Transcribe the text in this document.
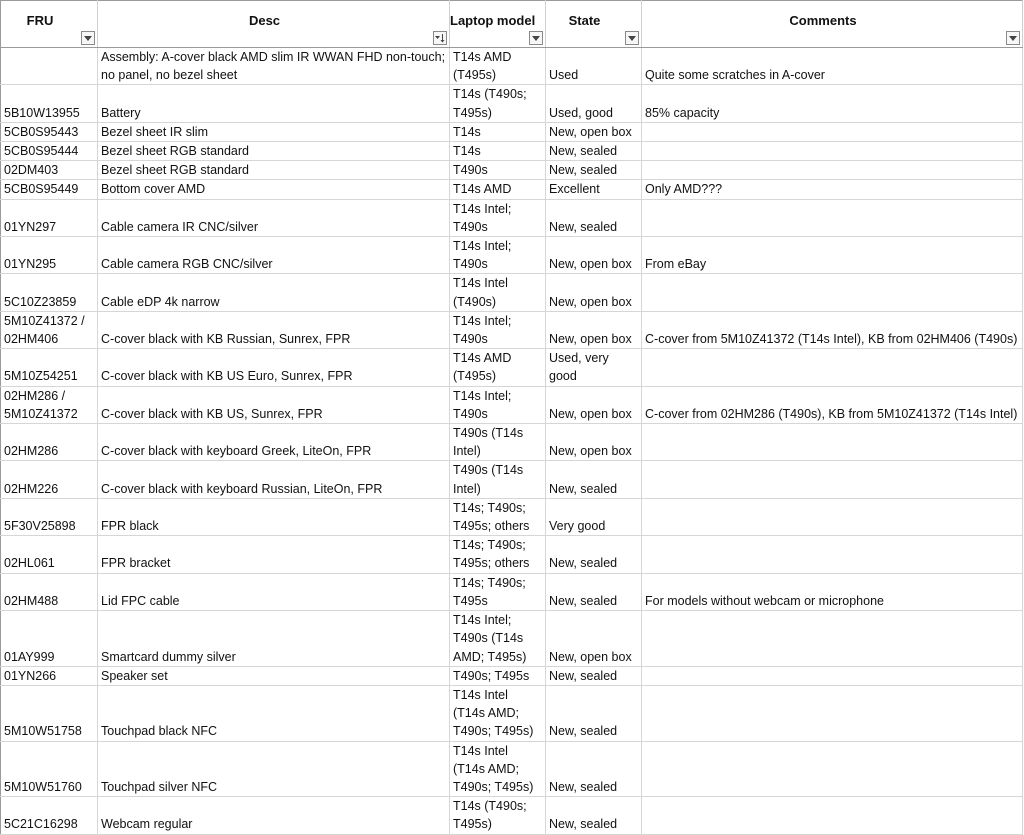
FRU	Desc	Laptop model	State	Comments

	Assembly: A-cover black AMD slim IR WWAN FHD non-touch; no panel, no bezel sheet	T14s AMD (T495s)	Used	Quite some scratches in A-cover
5B10W13955	Battery	T14s (T490s; T495s)	Used, good	85% capacity
5CB0S95443	Bezel sheet IR slim	T14s	New, open box	
5CB0S95444	Bezel sheet RGB standard	T14s	New, sealed	
02DM403	Bezel sheet RGB standard	T490s	New, sealed	
5CB0S95449	Bottom cover AMD	T14s AMD	Excellent	Only AMD???
01YN297	Cable camera IR CNC/silver	T14s Intel; T490s	New, sealed	
01YN295	Cable camera RGB CNC/silver	T14s Intel; T490s	New, open box	From eBay
5C10Z23859	Cable eDP 4k narrow	T14s Intel (T490s)	New, open box	
5M10Z41372 / 02HM406	C-cover black with KB Russian, Sunrex, FPR	T14s Intel; T490s	New, open box	C-cover from 5M10Z41372 (T14s Intel), KB from 02HM406 (T490s)
5M10Z54251	C-cover black with KB US Euro, Sunrex, FPR	T14s AMD (T495s)	Used, very good	
02HM286 / 5M10Z41372	C-cover black with KB US, Sunrex, FPR	T14s Intel; T490s	New, open box	C-cover from 02HM286 (T490s), KB from 5M10Z41372 (T14s Intel)
02HM286	C-cover black with keyboard Greek, LiteOn, FPR	T490s (T14s Intel)	New, open box	
02HM226	C-cover black with keyboard Russian, LiteOn, FPR	T490s (T14s Intel)	New, sealed	
5F30V25898	FPR black	T14s; T490s; T495s; others	Very good	
02HL061	FPR bracket	T14s; T490s; T495s; others	New, sealed	
02HM488	Lid FPC cable	T14s; T490s; T495s	New, sealed	For models without webcam or microphone
01AY999	Smartcard dummy silver	T14s Intel; T490s (T14s AMD; T495s)	New, open box	
01YN266	Speaker set	T490s; T495s	New, sealed	
5M10W51758	Touchpad black NFC	T14s Intel (T14s AMD; T490s; T495s)	New, sealed	
5M10W51760	Touchpad silver NFC	T14s Intel (T14s AMD; T490s; T495s)	New, sealed	
5C21C16298	Webcam regular	T14s (T490s; T495s)	New, sealed	
